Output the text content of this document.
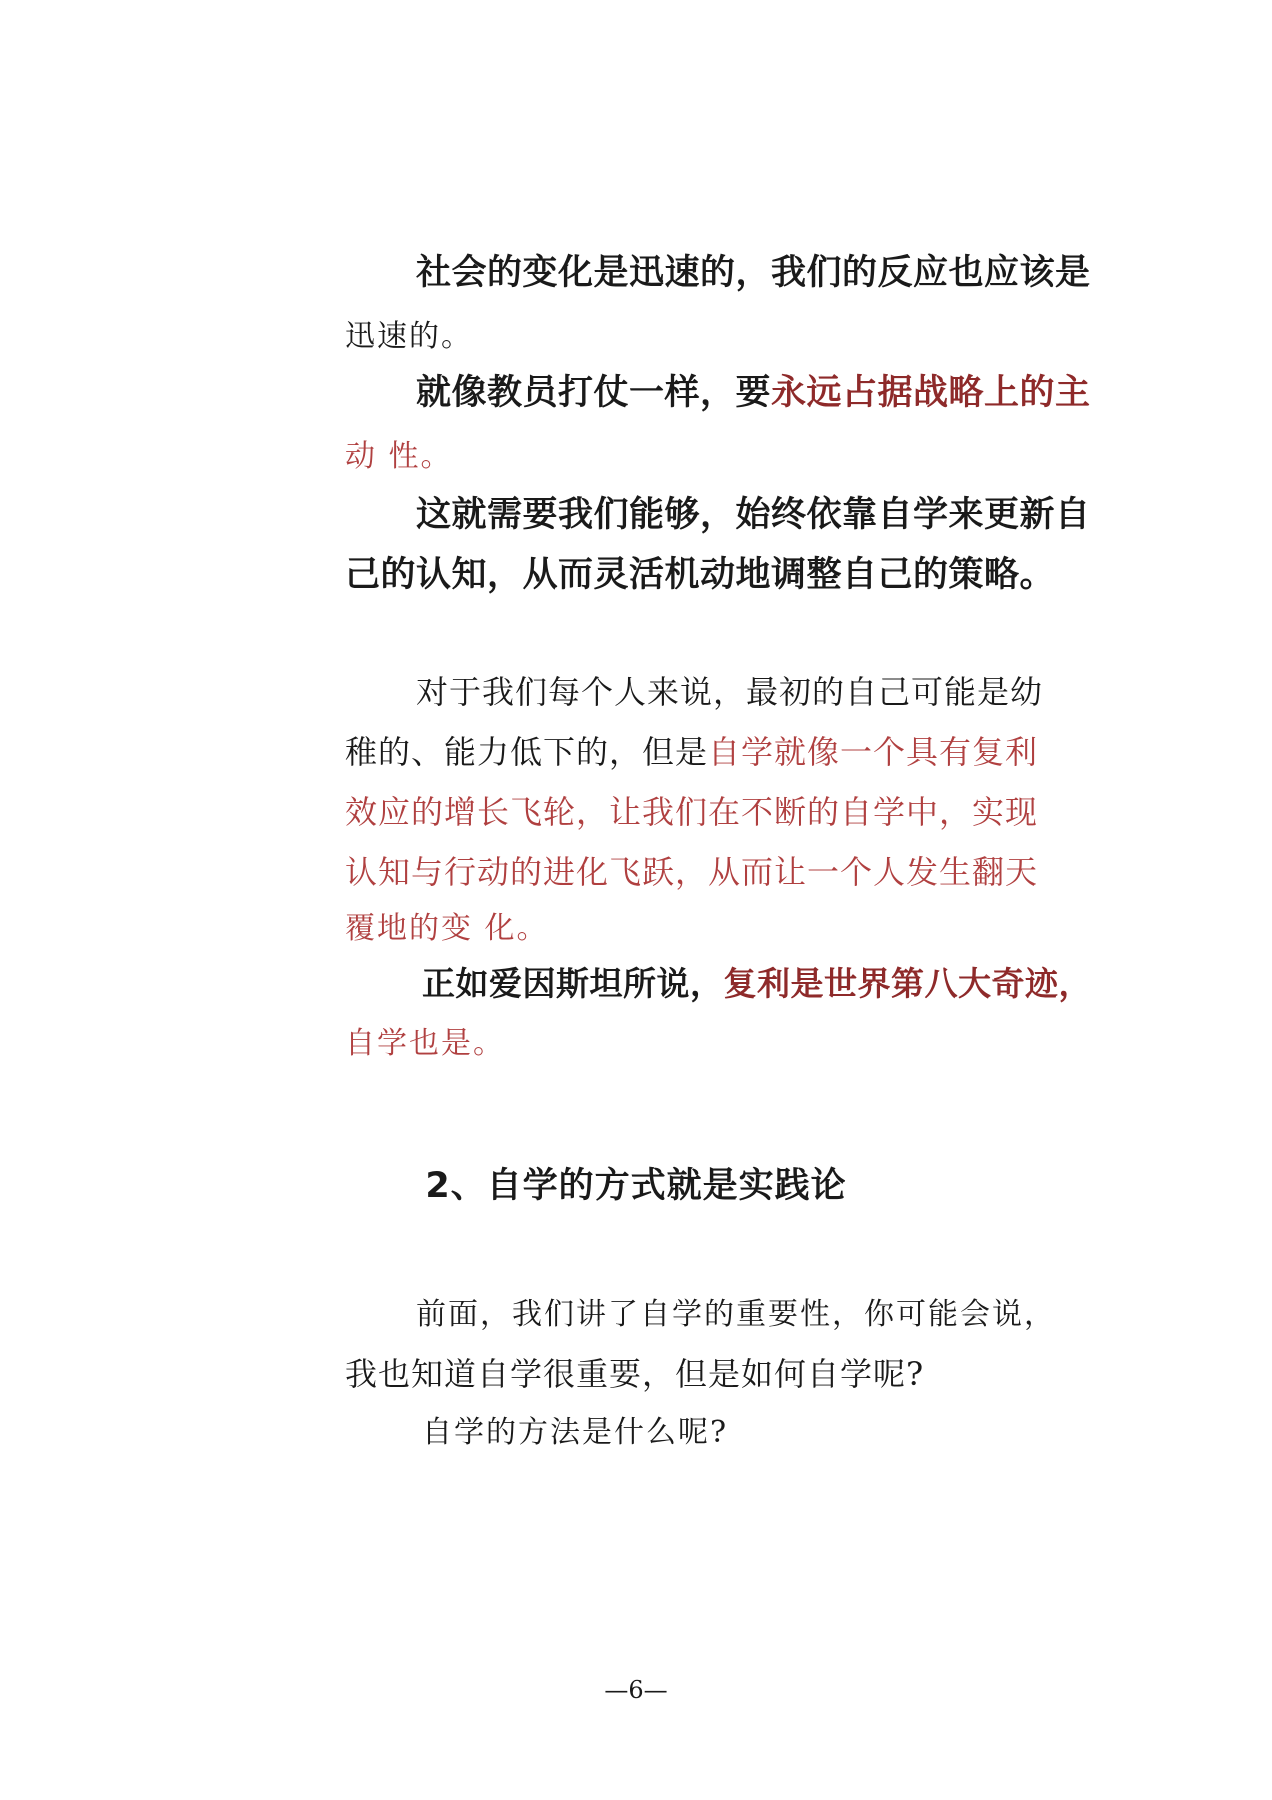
社会的变化是迅速的，我们的反应也应该是
迅速的。
就像教员打仗一样，要永远占据战略上的主
动 性。
这就需要我们能够，始终依靠自学来更新自
己的认知，从而灵活机动地调整自己的策略。
对于我们每个人来说，最初的自己可能是幼
稚的、能力低下的，但是自学就像一个具有复利
效应的增长飞轮，让我们在不断的自学中，实现
认知与行动的进化飞跃，从而让一个人发生翻天
覆地的变 化。
正如爱因斯坦所说，复利是世界第八大奇迹，
自学也是。
2、自学的方式就是实践论
前面，我们讲了自学的重要性，你可能会说，
我也知道自学很重要，但是如何自学呢?
自学的方法是什么呢?
—6—
